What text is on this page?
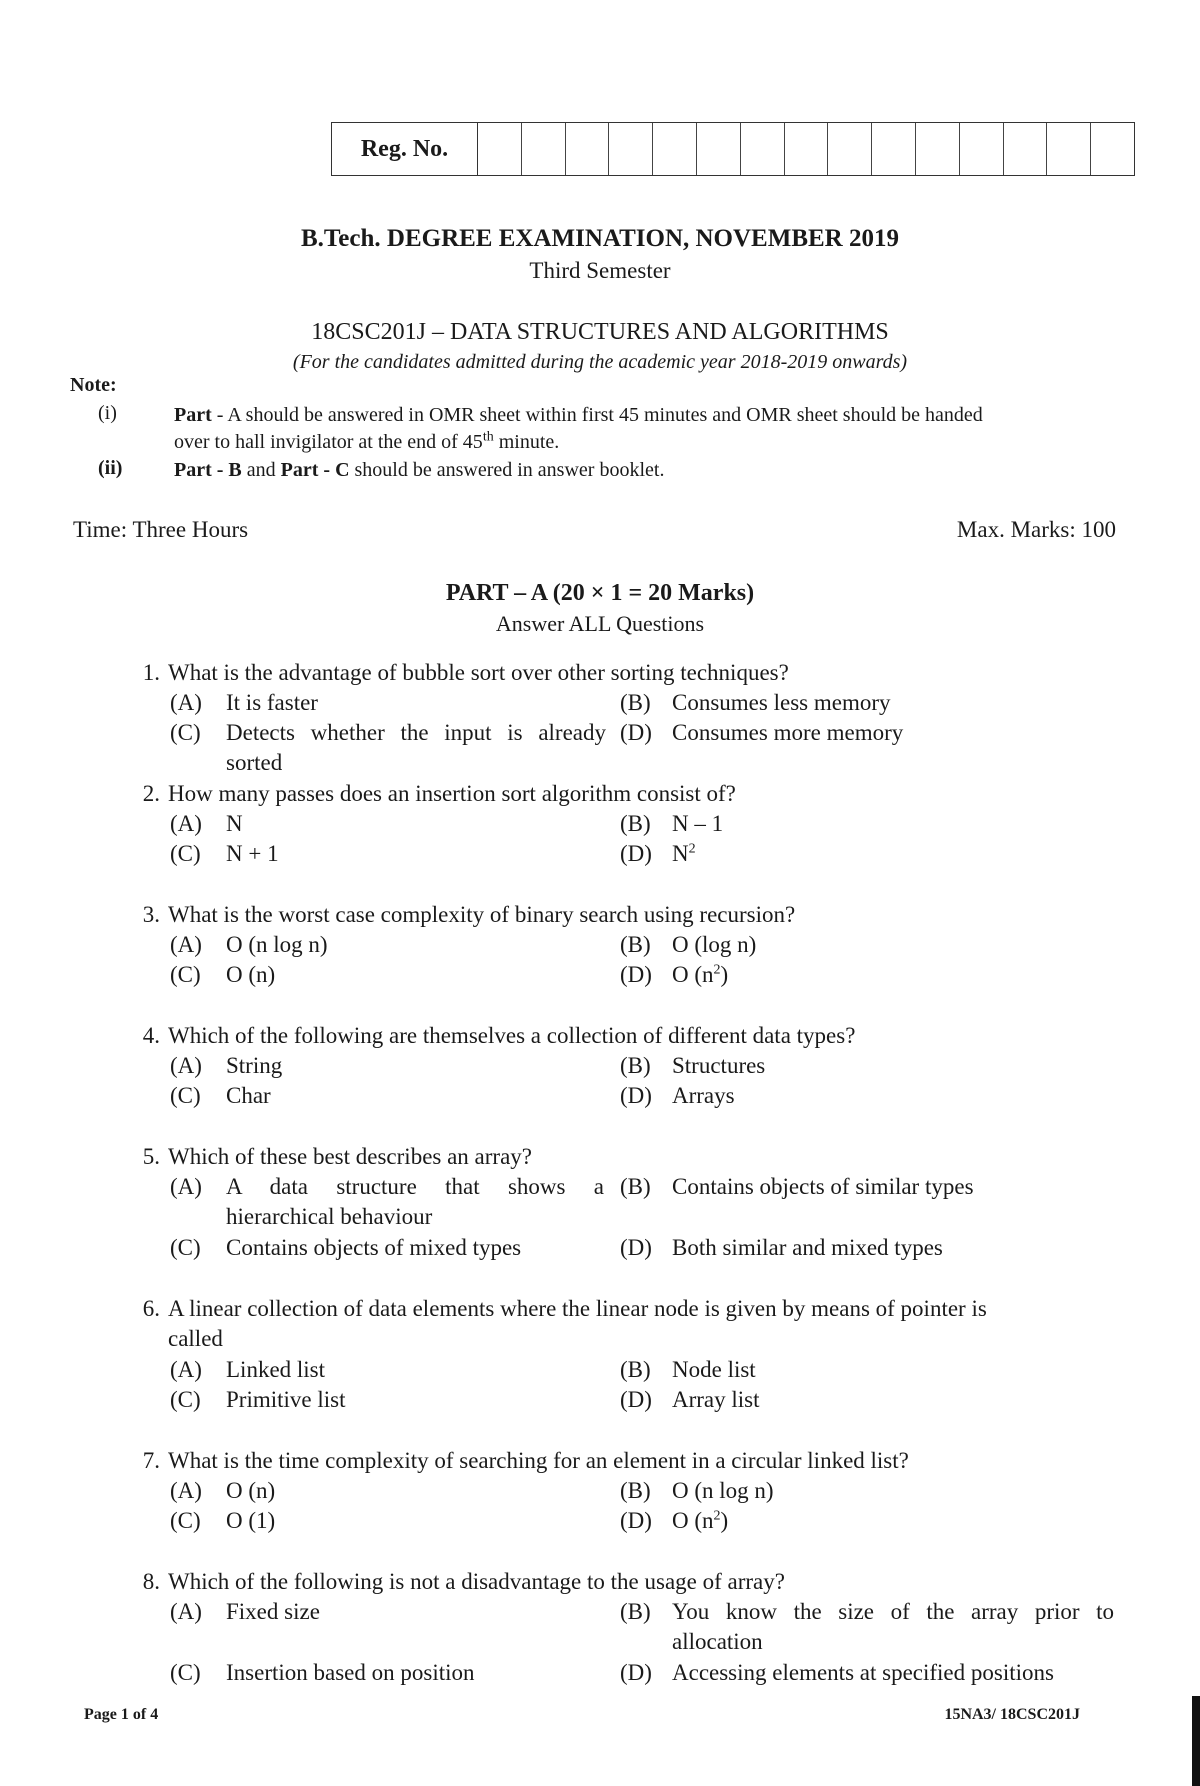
Reg. No.
B.Tech. DEGREE EXAMINATION, NOVEMBER 2019
Third Semester
18CSC201J – DATA STRUCTURES AND ALGORITHMS
(For the candidates admitted during the academic year 2018-2019 onwards)
Note:
(i)	Part - A should be answered in OMR sheet within first 45 minutes and OMR sheet should be handed
over to hall invigilator at the end of 45th minute.
(ii)	Part - B and Part - C should be answered in answer booklet.
Time: Three Hours	Max. Marks: 100
PART – A (20 × 1 = 20 Marks)
Answer ALL Questions
1. What is the advantage of bubble sort over other sorting techniques?
(A) It is faster	(B) Consumes less memory
(C) Detects whether the input is already
sorted
(D) Consumes more memory
2. How many passes does an insertion sort algorithm consist of?
(A) N	(B) N – 1
(C) N + 1	(D) $N^2$
3. What is the worst case complexity of binary search using recursion?
(A) O (n log n)	(B) O (log n)
(C) O (n)	(D) O $(n^2)$
4. Which of the following are themselves a collection of different data types?
(A) String	(B) Structures
(C) Char	(D) Arrays
5. Which of these best describes an array?
(A) A data structure that shows a
hierarchical behaviour
(B) Contains objects of similar types
(C) Contains objects of mixed types	(D) Both similar and mixed types
6. A linear collection of data elements where the linear node is given by means of pointer is
called
(A) Linked list	(B) Node list
(C) Primitive list	(D) Array list
7. What is the time complexity of searching for an element in a circular linked list?
(A) O (n)	(B) O (n log n)
(C) O (1)	(D) O $(n^2)$
8. Which of the following is not a disadvantage to the usage of array?
(A) Fixed size	(B) You know the size of the array prior to
allocation
(C) Insertion based on position	(D) Accessing elements at specified positions
Page 1 of 4	15NA3/ 18CSC201J
